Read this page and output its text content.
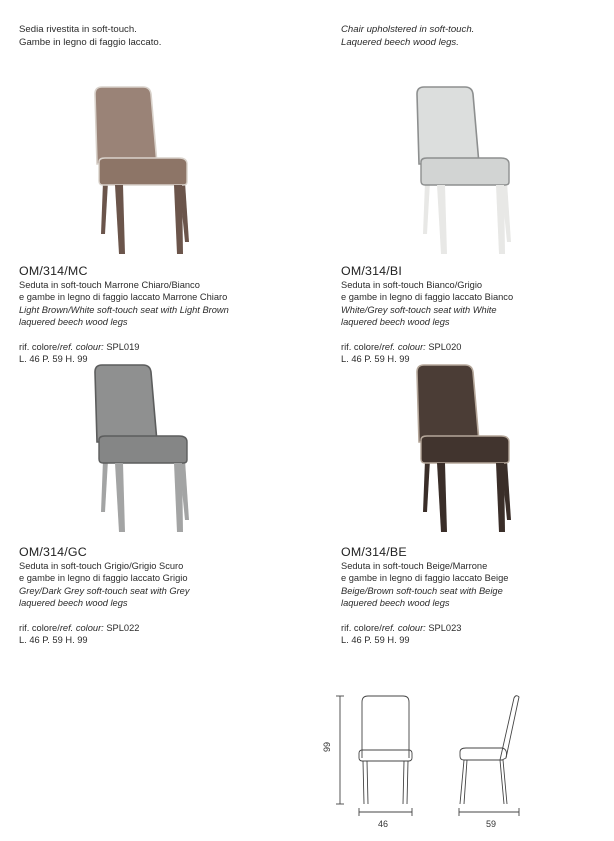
Sedia rivestita in soft-touch.
Gambe in legno di faggio laccato.
Chair upholstered in soft-touch.
Laquered beech wood legs.
OM/314/MC
Seduta in soft-touch Marrone Chiaro/Bianco
e gambe in legno di faggio laccato Marrone Chiaro
Light Brown/White soft-touch seat with Light Brown
laquered beech wood legs
rif. colore/ref. colour: SPL019
L. 46 P. 59 H. 99
OM/314/BI
Seduta in soft-touch Bianco/Grigio
e gambe in legno di faggio laccato Bianco
White/Grey soft-touch seat with White
laquered beech wood legs
rif. colore/ref. colour: SPL020
L. 46 P. 59 H. 99
OM/314/GC
Seduta in soft-touch Grigio/Grigio Scuro
e gambe in legno di faggio laccato Grigio
Grey/Dark Grey soft-touch seat with Grey
laquered beech wood legs
rif. colore/ref. colour: SPL022
L. 46 P. 59 H. 99
OM/314/BE
Seduta in soft-touch Beige/Marrone
e gambe in legno di faggio laccato Beige
Beige/Brown soft-touch seat with Beige
laquered beech wood legs
rif. colore/ref. colour: SPL023
L. 46 P. 59 H. 99
99
46	59
